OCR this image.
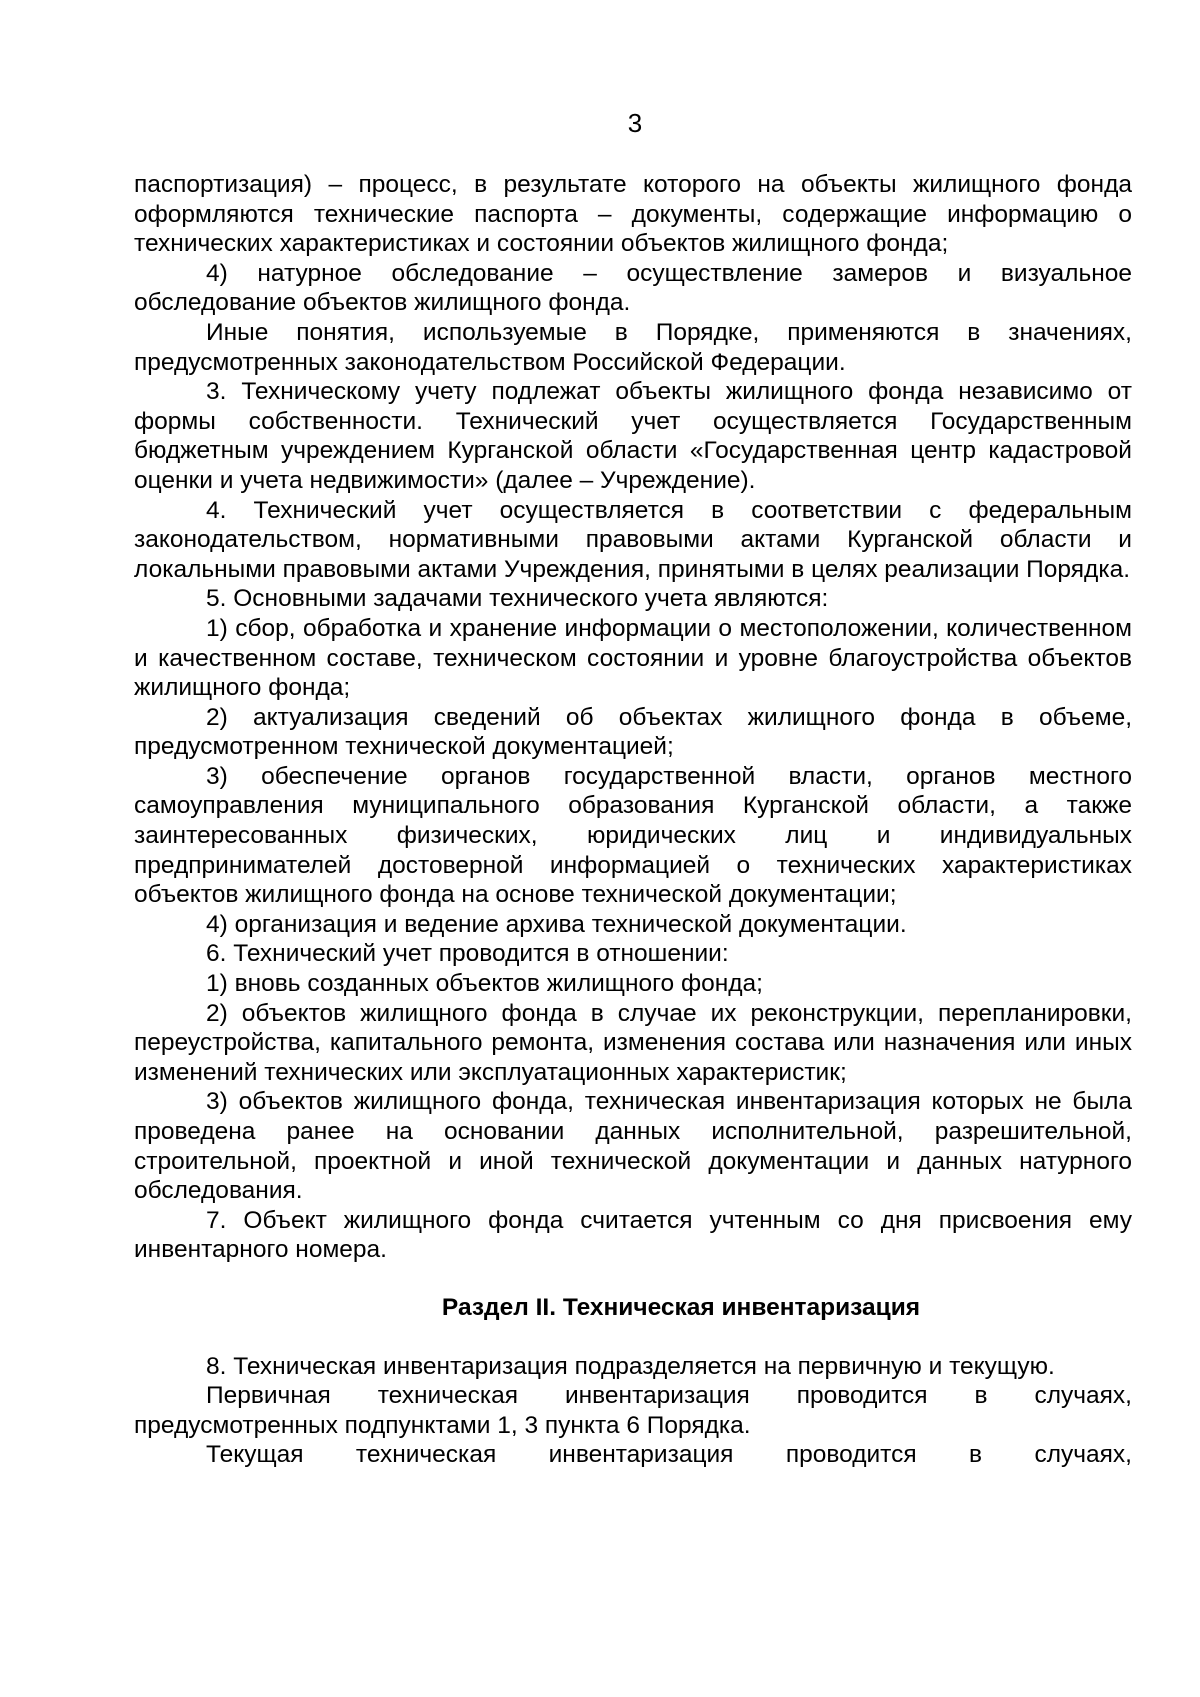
3

паспортизация) – процесс, в результате которого на объекты жилищного фонда оформляются технические паспорта – документы, содержащие информацию о технических характеристиках и состоянии объектов жилищного фонда;

4) натурное обследование – осуществление замеров и визуальное обследование объектов жилищного фонда.

Иные понятия, используемые в Порядке, применяются в значениях, предусмотренных законодательством Российской Федерации.

3. Техническому учету подлежат объекты жилищного фонда независимо от формы собственности. Технический учет осуществляется Государственным бюджетным учреждением Курганской области «Государственная центр кадастровой оценки и учета недвижимости» (далее – Учреждение).

4. Технический учет осуществляется в соответствии с федеральным законодательством, нормативными правовыми актами Курганской области и локальными правовыми актами Учреждения, принятыми в целях реализации Порядка.

5. Основными задачами технического учета являются:

1) сбор, обработка и хранение информации о местоположении, количественном и качественном составе, техническом состоянии и уровне благоустройства объектов жилищного фонда;

2) актуализация сведений об объектах жилищного фонда в объеме, предусмотренном технической документацией;

3) обеспечение органов государственной власти, органов местного самоуправления муниципального образования Курганской области, а также заинтересованных физических, юридических лиц и индивидуальных предпринимателей достоверной информацией о технических характеристиках объектов жилищного фонда на основе технической документации;

4) организация и ведение архива технической документации.

6. Технический учет проводится в отношении:

1) вновь созданных объектов жилищного фонда;

2) объектов жилищного фонда в случае их реконструкции, перепланировки, переустройства, капитального ремонта, изменения состава или назначения или иных изменений технических или эксплуатационных характеристик;

3) объектов жилищного фонда, техническая инвентаризация которых не была проведена ранее на основании данных исполнительной, разрешительной, строительной, проектной и иной технической документации и данных натурного обследования.

7. Объект жилищного фонда считается учтенным со дня присвоения ему инвентарного номера.

Раздел II. Техническая инвентаризация

8. Техническая инвентаризация подразделяется на первичную и текущую.

Первичная техническая инвентаризация проводится в случаях, предусмотренных подпунктами 1, 3 пункта 6 Порядка.

Текущая техническая инвентаризация проводится в случаях,
